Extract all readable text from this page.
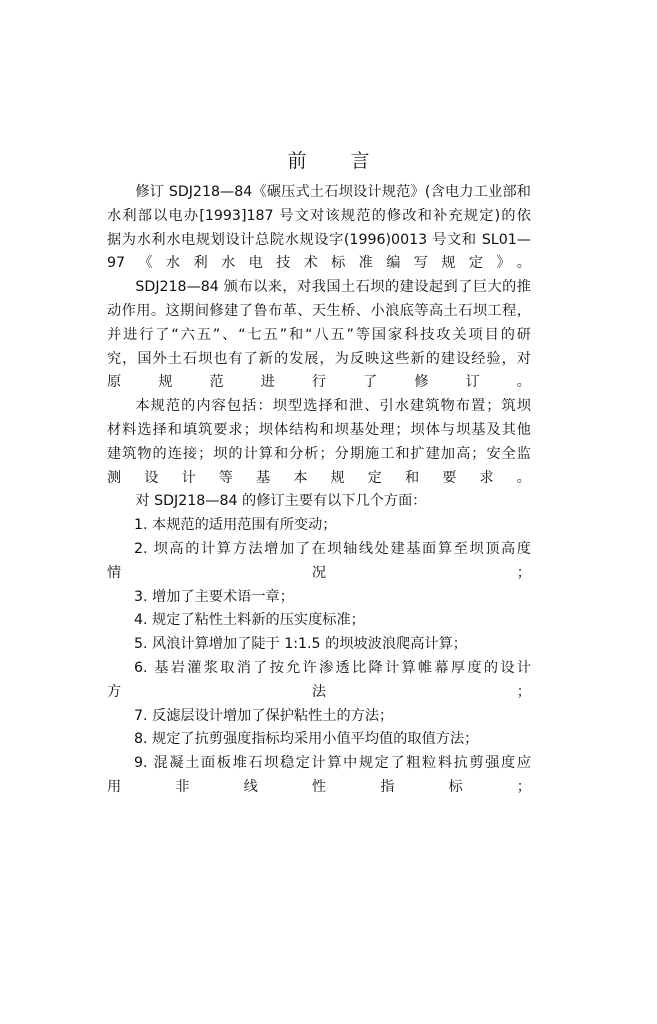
前 言

修订 SDJ218—84《碾压式土石坝设计规范》(含电力工业部和
水利部以电办[1993]187 号文对该规范的修改和补充规定)的依
据为水利水电规划设计总院水规设字(1996)0013 号文和 SL01—
97《水利水电技术标准编写规定》。

SDJ218—84 颁布以来，对我国土石坝的建设起到了巨大的推
动作用。这期间修建了鲁布革、天生桥、小浪底等高土石坝工程，
并进行了“六五”、“七五”和“八五”等国家科技攻关项目的研
究，国外土石坝也有了新的发展，为反映这些新的建设经验，对
原规范进行了修订。

本规范的内容包括：坝型选择和泄、引水建筑物布置；筑坝
材料选择和填筑要求；坝体结构和坝基处理；坝体与坝基及其他
建筑物的连接；坝的计算和分析；分期施工和扩建加高；安全监
测设计等基本规定和要求。

对 SDJ218—84 的修订主要有以下几个方面：

1. 本规范的适用范围有所变动；

2. 坝高的计算方法增加了在坝轴线处建基面算至坝顶高度
情况；

3. 增加了主要术语一章；

4. 规定了粘性土料新的压实度标准；

5. 风浪计算增加了陡于 1:1.5 的坝坡波浪爬高计算；

6. 基岩灌浆取消了按允许渗透比降计算帷幕厚度的设计
方法；

7. 反滤层设计增加了保护粘性土的方法；

8. 规定了抗剪强度指标均采用小值平均值的取值方法；

9. 混凝土面板堆石坝稳定计算中规定了粗粒料抗剪强度应
用非线性指标；
